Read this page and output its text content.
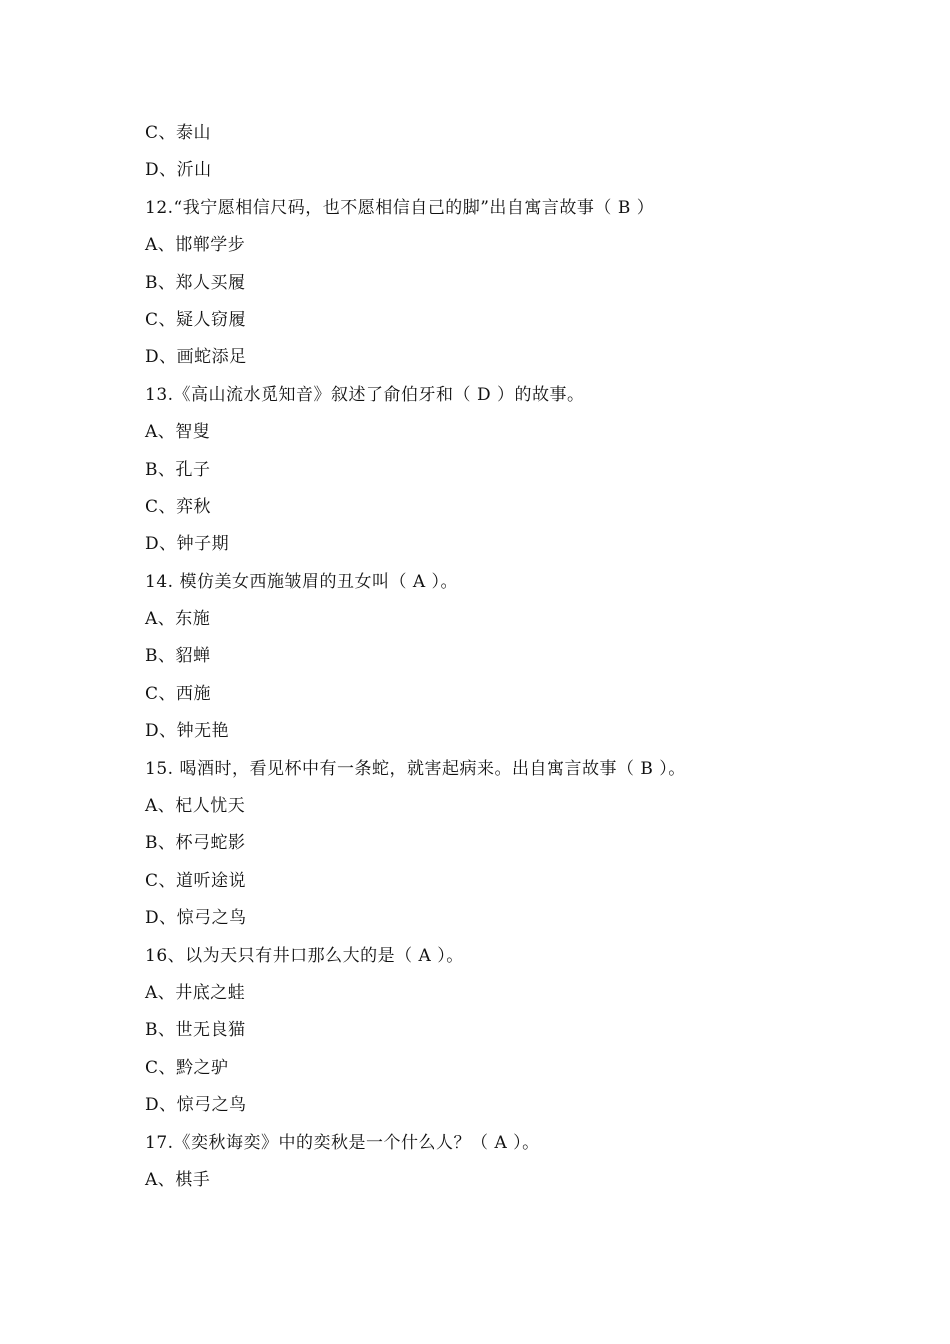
C、泰山
D、沂山
12.“我宁愿相信尺码，也不愿相信自己的脚”出自寓言故事（ B ）
A、邯郸学步
B、郑人买履
C、疑人窃履
D、画蛇添足
13.《高山流水觅知音》叙述了俞伯牙和（ D ）的故事。
A、智叟
B、孔子
C、弈秋
D、钟子期
14. 模仿美女西施皱眉的丑女叫（ A ）。
A、东施
B、貂蝉
C、西施
D、钟无艳
15. 喝酒时，看见杯中有一条蛇，就害起病来。出自寓言故事（ B ）。
A、杞人忧天
B、杯弓蛇影
C、道听途说
D、惊弓之鸟
16、以为天只有井口那么大的是（ A ）。
A、井底之蛙
B、世无良猫
C、黔之驴
D、惊弓之鸟
17.《奕秋诲奕》中的奕秋是一个什么人？（ A ）。
A、棋手
